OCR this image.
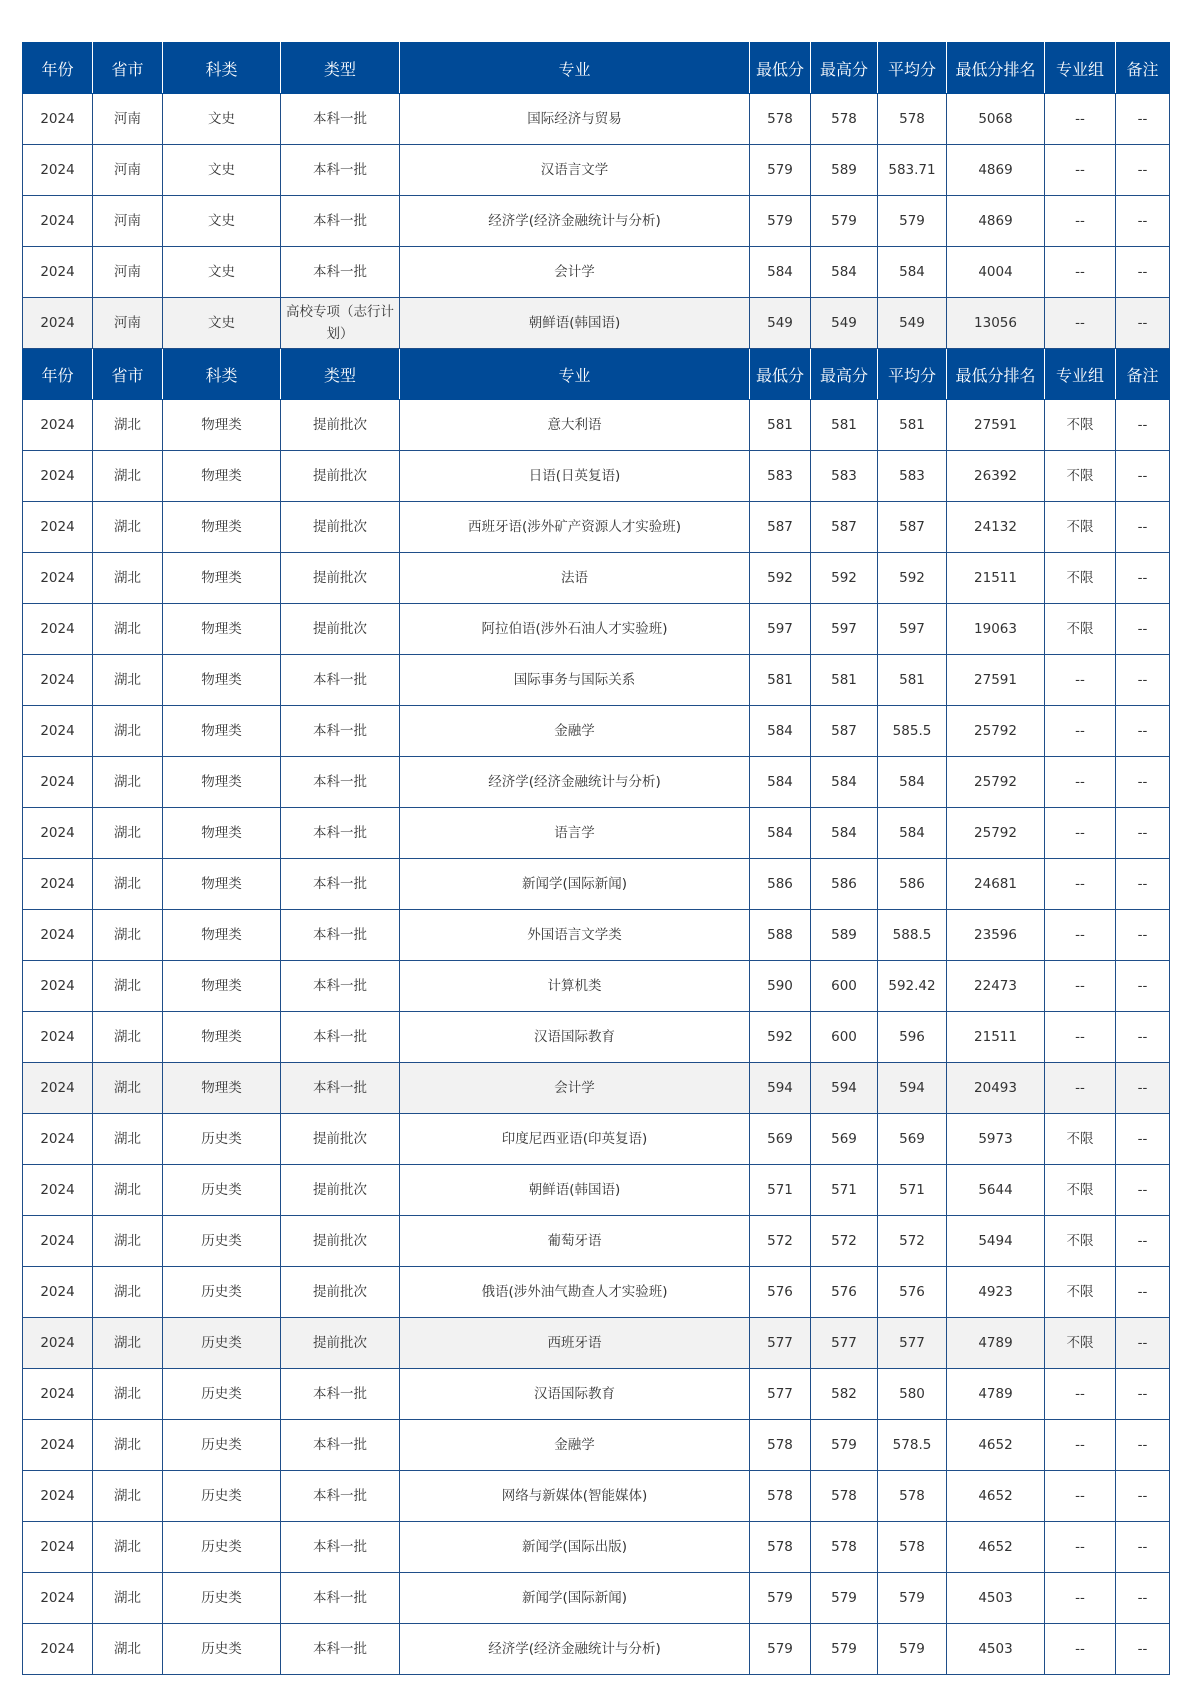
年份	省市	科类	类型	专业	最低分	最高分	平均分	最低分排名	专业组	备注
2024	河南	文史	本科一批	国际经济与贸易	578	578	578	5068	--	--
2024	河南	文史	本科一批	汉语言文学	579	589	583.71	4869	--	--
2024	河南	文史	本科一批	经济学(经济金融统计与分析)	579	579	579	4869	--	--
2024	河南	文史	本科一批	会计学	584	584	584	4004	--	--
2024	河南	文史	高校专项（志行计划）	朝鲜语(韩国语)	549	549	549	13056	--	--
年份	省市	科类	类型	专业	最低分	最高分	平均分	最低分排名	专业组	备注
2024	湖北	物理类	提前批次	意大利语	581	581	581	27591	不限	--
2024	湖北	物理类	提前批次	日语(日英复语)	583	583	583	26392	不限	--
2024	湖北	物理类	提前批次	西班牙语(涉外矿产资源人才实验班)	587	587	587	24132	不限	--
2024	湖北	物理类	提前批次	法语	592	592	592	21511	不限	--
2024	湖北	物理类	提前批次	阿拉伯语(涉外石油人才实验班)	597	597	597	19063	不限	--
2024	湖北	物理类	本科一批	国际事务与国际关系	581	581	581	27591	--	--
2024	湖北	物理类	本科一批	金融学	584	587	585.5	25792	--	--
2024	湖北	物理类	本科一批	经济学(经济金融统计与分析)	584	584	584	25792	--	--
2024	湖北	物理类	本科一批	语言学	584	584	584	25792	--	--
2024	湖北	物理类	本科一批	新闻学(国际新闻)	586	586	586	24681	--	--
2024	湖北	物理类	本科一批	外国语言文学类	588	589	588.5	23596	--	--
2024	湖北	物理类	本科一批	计算机类	590	600	592.42	22473	--	--
2024	湖北	物理类	本科一批	汉语国际教育	592	600	596	21511	--	--
2024	湖北	物理类	本科一批	会计学	594	594	594	20493	--	--
2024	湖北	历史类	提前批次	印度尼西亚语(印英复语)	569	569	569	5973	不限	--
2024	湖北	历史类	提前批次	朝鲜语(韩国语)	571	571	571	5644	不限	--
2024	湖北	历史类	提前批次	葡萄牙语	572	572	572	5494	不限	--
2024	湖北	历史类	提前批次	俄语(涉外油气勘查人才实验班)	576	576	576	4923	不限	--
2024	湖北	历史类	提前批次	西班牙语	577	577	577	4789	不限	--
2024	湖北	历史类	本科一批	汉语国际教育	577	582	580	4789	--	--
2024	湖北	历史类	本科一批	金融学	578	579	578.5	4652	--	--
2024	湖北	历史类	本科一批	网络与新媒体(智能媒体)	578	578	578	4652	--	--
2024	湖北	历史类	本科一批	新闻学(国际出版)	578	578	578	4652	--	--
2024	湖北	历史类	本科一批	新闻学(国际新闻)	579	579	579	4503	--	--
2024	湖北	历史类	本科一批	经济学(经济金融统计与分析)	579	579	579	4503	--	--
